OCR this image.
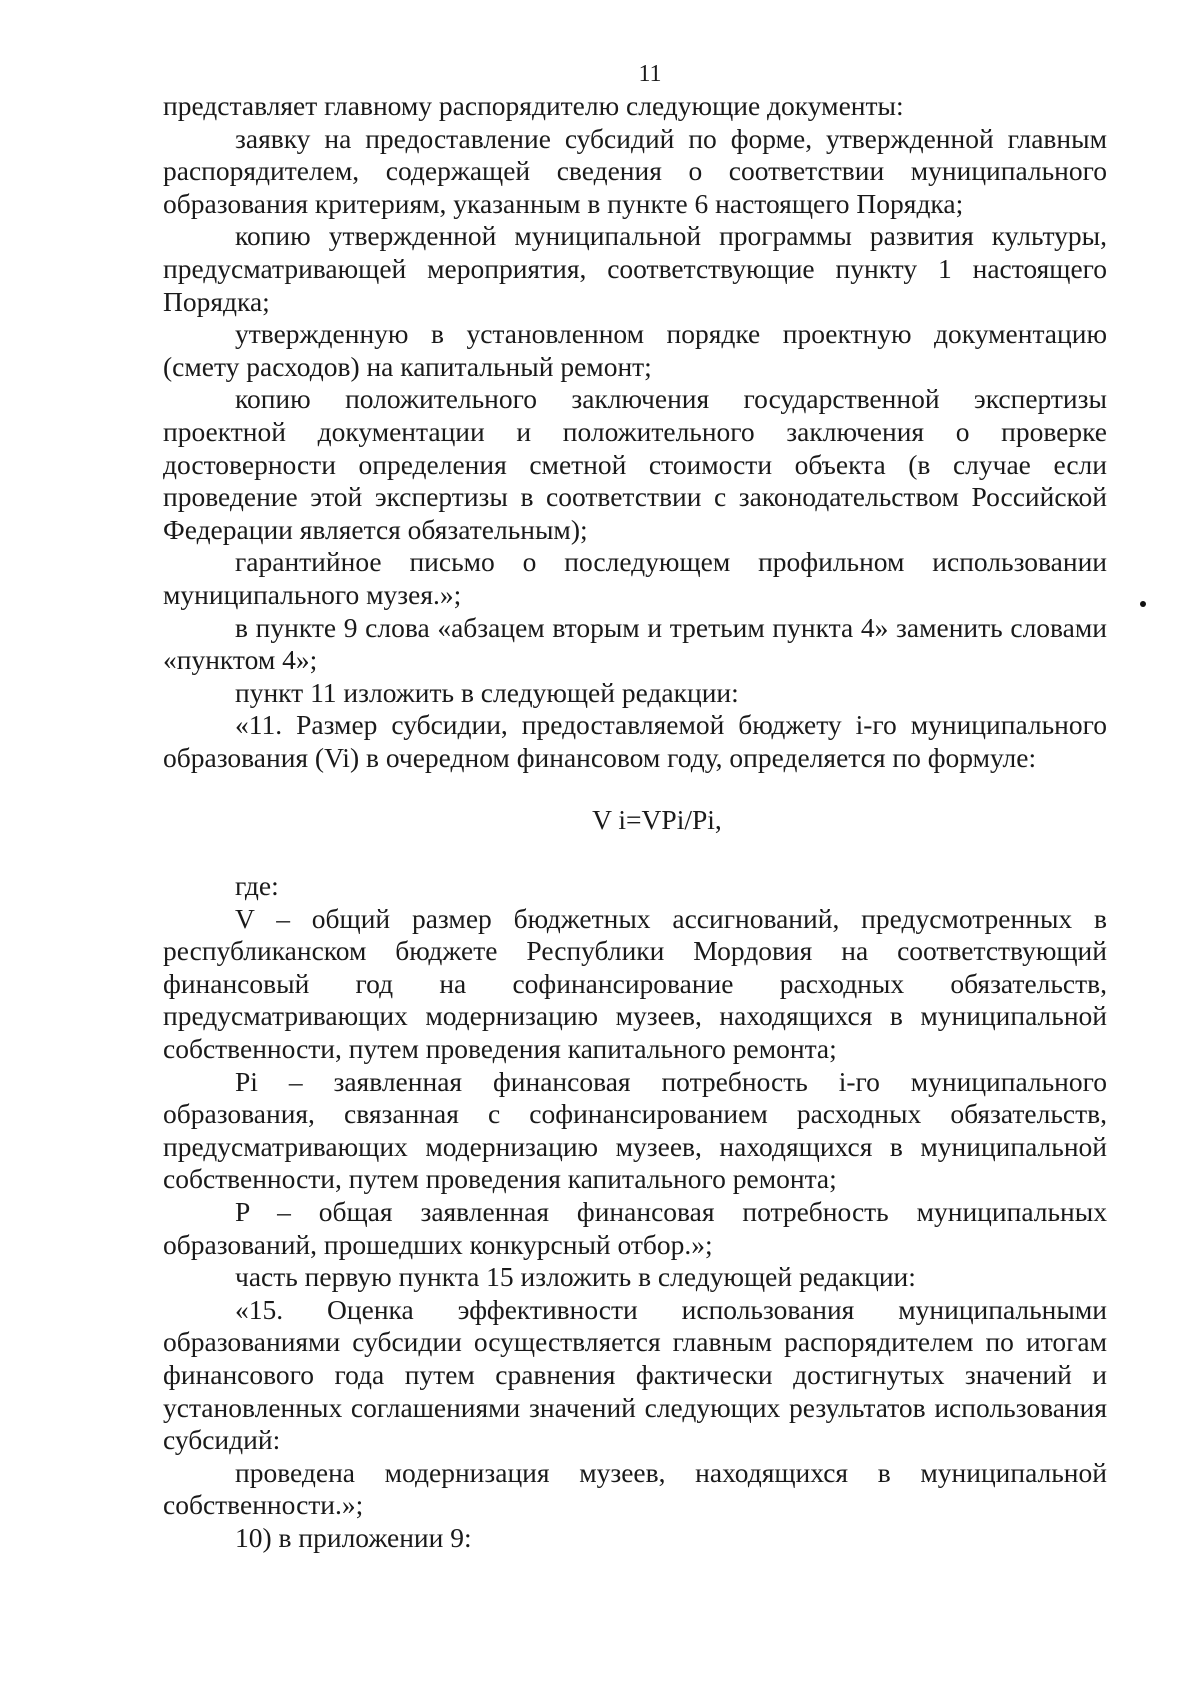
11

представляет главному распорядителю следующие документы:

заявку на предоставление субсидий по форме, утвержденной главным распорядителем, содержащей сведения о соответствии муниципального образования критериям, указанным в пункте 6 настоящего Порядка;

копию утвержденной муниципальной программы развития культуры, предусматривающей мероприятия, соответствующие пункту 1 настоящего Порядка;

утвержденную в установленном порядке проектную документацию (смету расходов) на капитальный ремонт;

копию положительного заключения государственной экспертизы проектной документации и положительного заключения о проверке достоверности определения сметной стоимости объекта (в случае если проведение этой экспертизы в соответствии с законодательством Российской Федерации является обязательным);

гарантийное письмо о последующем профильном использовании муниципального музея.»;

в пункте 9 слова «абзацем вторым и третьим пункта 4» заменить словами «пунктом 4»;

пункт 11 изложить в следующей редакции:

«11. Размер субсидии, предоставляемой бюджету i-го муниципального образования (Vi) в очередном финансовом году, определяется по формуле:

V i=VPi/Pi,

где:

V – общий размер бюджетных ассигнований, предусмотренных в республиканском бюджете Республики Мордовия на соответствующий финансовый год на софинансирование расходных обязательств, предусматривающих модернизацию музеев, находящихся в муниципальной собственности, путем проведения капитального ремонта;

Pi – заявленная финансовая потребность i-го муниципального образования, связанная с софинансированием расходных обязательств, предусматривающих модернизацию музеев, находящихся в муниципальной собственности, путем проведения капитального ремонта;

P – общая заявленная финансовая потребность муниципальных образований, прошедших конкурсный отбор.»;

часть первую пункта 15 изложить в следующей редакции:

«15. Оценка эффективности использования муниципальными образованиями субсидии осуществляется главным распорядителем по итогам финансового года путем сравнения фактически достигнутых значений и установленных соглашениями значений следующих результатов использования субсидий:

проведена модернизация музеев, находящихся в муниципальной собственности.»;

10) в приложении 9:
